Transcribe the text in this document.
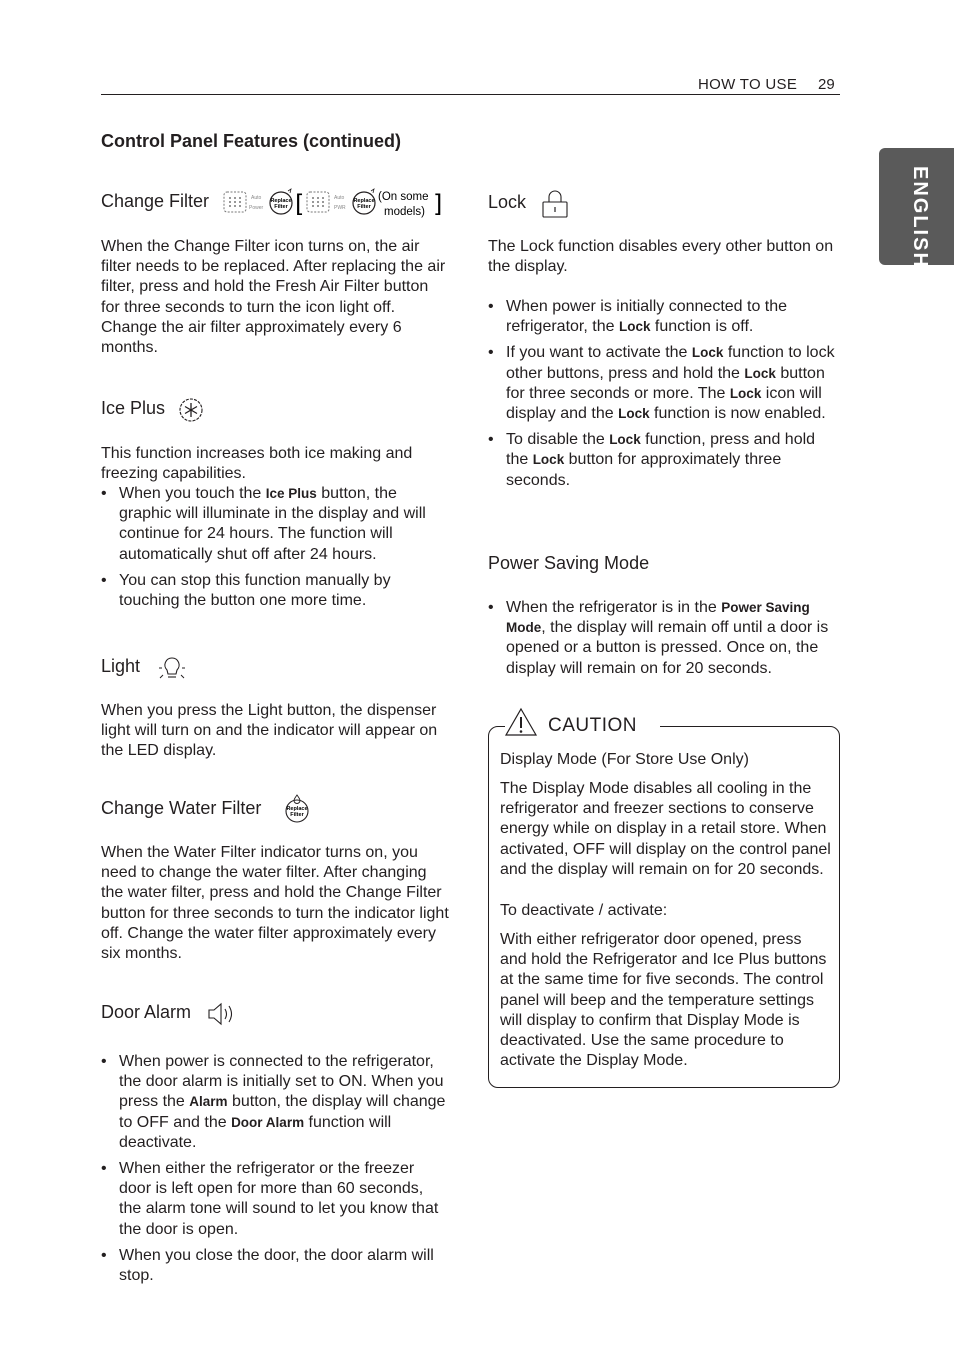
HOW TO USE 29
ENGLISH
Control Panel Features (continued)
Change Filter	Auto
Power
Replace
Filter [	Auto
PWR
Replace
Filter
(On some
models) ]
When the Change Filter icon turns on, the air filter needs to be replaced. After replacing the air filter, press and hold the Fresh Air Filter button for three seconds to turn the icon light off. Change the air filter approximately every 6 months.
Ice Plus
This function increases both ice making and freezing capabilities.
• When you touch the Ice Plus button, the graphic will illuminate in the display and will continue for 24 hours. The function will automatically shut off after 24 hours.
• You can stop this function manually by touching the button one more time.
Light
When you press the Light button, the dispenser light will turn on and the indicator will appear on the LED display.
Change Water Filter	Replace
Filter
When the Water Filter indicator turns on, you need to change the water filter. After changing the water filter, press and hold the Change Filter button for three seconds to turn the indicator light off. Change the water filter approximately every six months.
Door Alarm
• When power is connected to the refrigerator, the door alarm is initially set to ON. When you press the Alarm button, the display will change to OFF and the Door Alarm function will deactivate.
• When either the refrigerator or the freezer door is left open for more than 60 seconds, the alarm tone will sound to let you know that the door is open.
• When you close the door, the door alarm will stop.
Lock
The Lock function disables every other button on the display.
• When power is initially connected to the refrigerator, the Lock function is off.
• If you want to activate the Lock function to lock other buttons, press and hold the Lock button for three seconds or more. The Lock icon will display and the Lock function is now enabled.
• To disable the Lock function, press and hold the Lock button for approximately three seconds.
Power Saving Mode
• When the refrigerator is in the Power Saving Mode, the display will remain off until a door is opened or a button is pressed. Once on, the display will remain on for 20 seconds.
CAUTION
Display Mode (For Store Use Only)
The Display Mode disables all cooling in the refrigerator and freezer sections to conserve energy while on display in a retail store. When activated, OFF will display on the control panel and the display will remain on for 20 seconds.
To deactivate / activate:
With either refrigerator door opened, press and hold the Refrigerator and Ice Plus buttons at the same time for five seconds. The control panel will beep and the temperature settings will display to confirm that Display Mode is deactivated. Use the same procedure to activate the Display Mode.
